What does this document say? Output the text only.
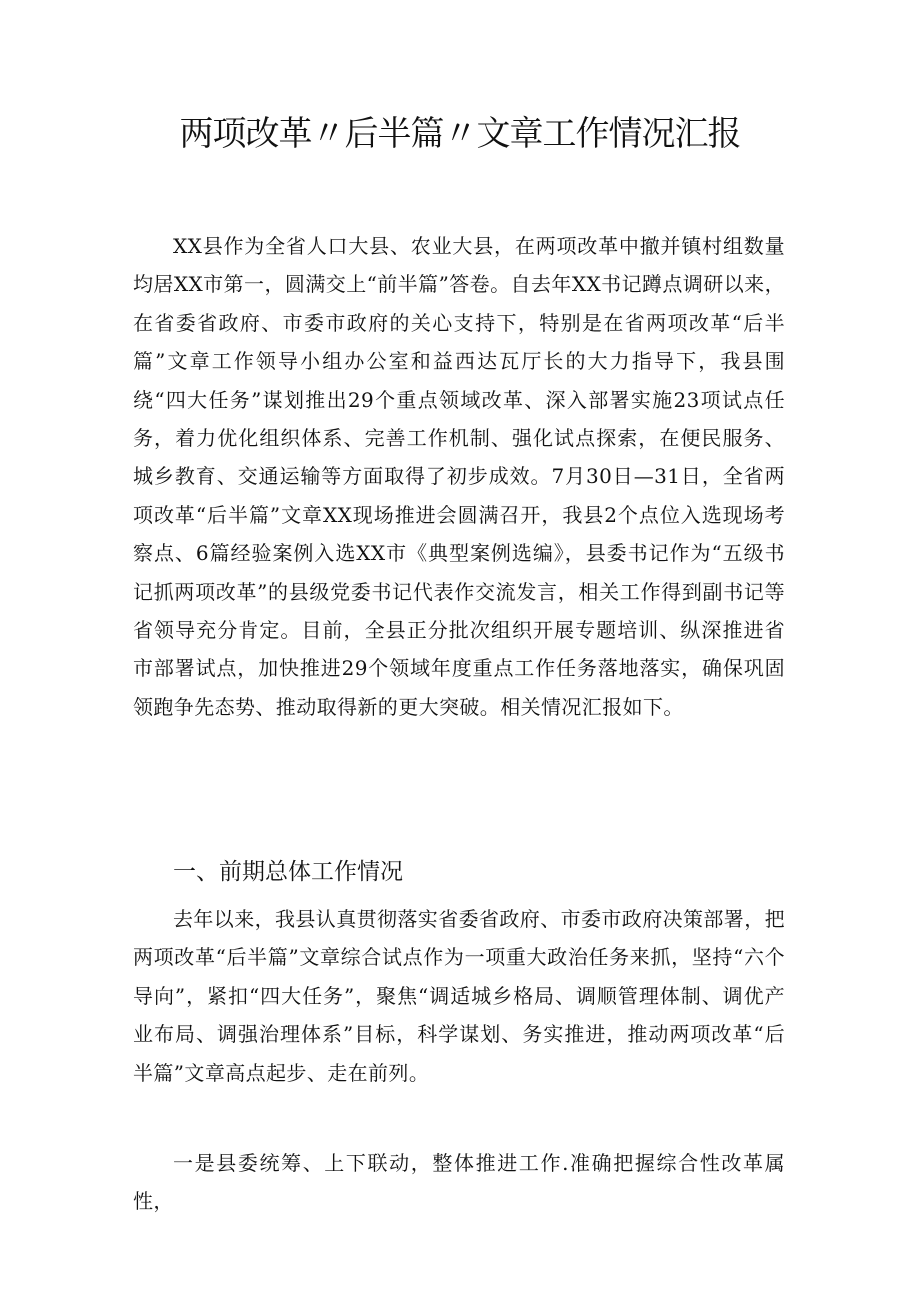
两项改革〃后半篇〃文章工作情况汇报

XX县作为全省人口大县、农业大县，在两项改革中撤并镇村组数量均居XX市第一，圆满交上“前半篇”答卷。自去年XX书记蹲点调研以来，在省委省政府、市委市政府的关心支持下，特别是在省两项改革“后半篇”文章工作领导小组办公室和益西达瓦厅长的大力指导下，我县围绕“四大任务”谋划推出29个重点领域改革、深入部署实施23项试点任务，着力优化组织体系、完善工作机制、强化试点探索，在便民服务、城乡教育、交通运输等方面取得了初步成效。7月30日—31日，全省两项改革“后半篇”文章XX现场推进会圆满召开，我县2个点位入选现场考察点、6篇经验案例入选XX市《典型案例选编》，县委书记作为“五级书记抓两项改革”的县级党委书记代表作交流发言，相关工作得到副书记等省领导充分肯定。目前，全县正分批次组织开展专题培训、纵深推进省市部署试点，加快推进29个领域年度重点工作任务落地落实，确保巩固领跑争先态势、推动取得新的更大突破。相关情况汇报如下。

一、前期总体工作情况

去年以来，我县认真贯彻落实省委省政府、市委市政府决策部署，把两项改革“后半篇”文章综合试点作为一项重大政治任务来抓，坚持“六个导向”，紧扣“四大任务”，聚焦“调适城乡格局、调顺管理体制、调优产业布局、调强治理体系”目标，科学谋划、务实推进，推动两项改革“后半篇”文章高点起步、走在前列。

一是县委统筹、上下联动，整体推进工作.准确把握综合性改革属性，
